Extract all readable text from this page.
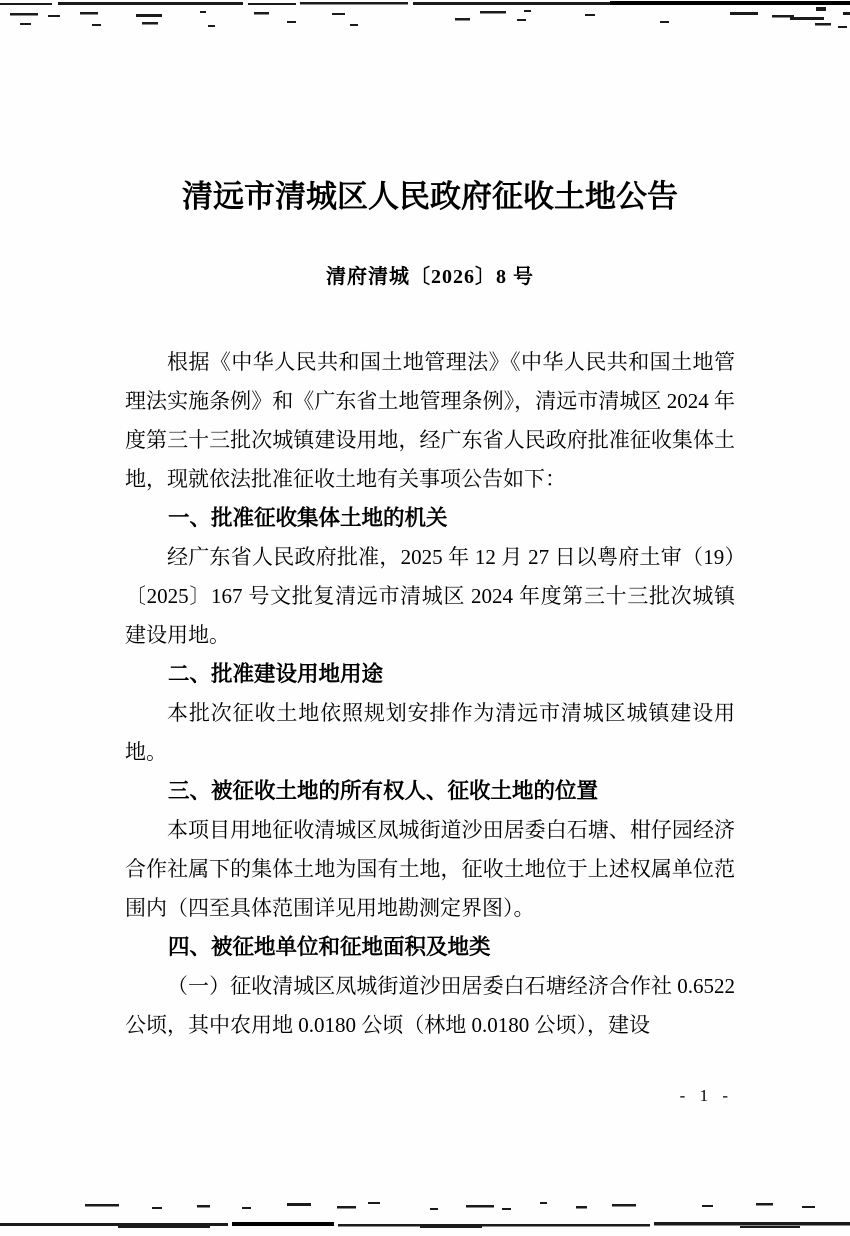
清远市清城区人民政府征收土地公告
清府清城〔2026〕8 号
根据《中华人民共和国土地管理法》《中华人民共和国土地管理法实施条例》和《广东省土地管理条例》，清远市清城区 2024 年度第三十三批次城镇建设用地，经广东省人民政府批准征收集体土地，现就依法批准征收土地有关事项公告如下：
一、批准征收集体土地的机关
经广东省人民政府批准，2025 年 12 月 27 日以粤府土审（19）〔2025〕167 号文批复清远市清城区 2024 年度第三十三批次城镇建设用地。
二、批准建设用地用途
本批次征收土地依照规划安排作为清远市清城区城镇建设用地。
三、被征收土地的所有权人、征收土地的位置
本项目用地征收清城区凤城街道沙田居委白石塘、柑仔园经济合作社属下的集体土地为国有土地，征收土地位于上述权属单位范围内（四至具体范围详见用地勘测定界图）。
四、被征地单位和征地面积及地类
（一）征收清城区凤城街道沙田居委白石塘经济合作社 0.6522 公顷，其中农用地 0.0180 公顷（林地 0.0180 公顷），建设
- 1 -
